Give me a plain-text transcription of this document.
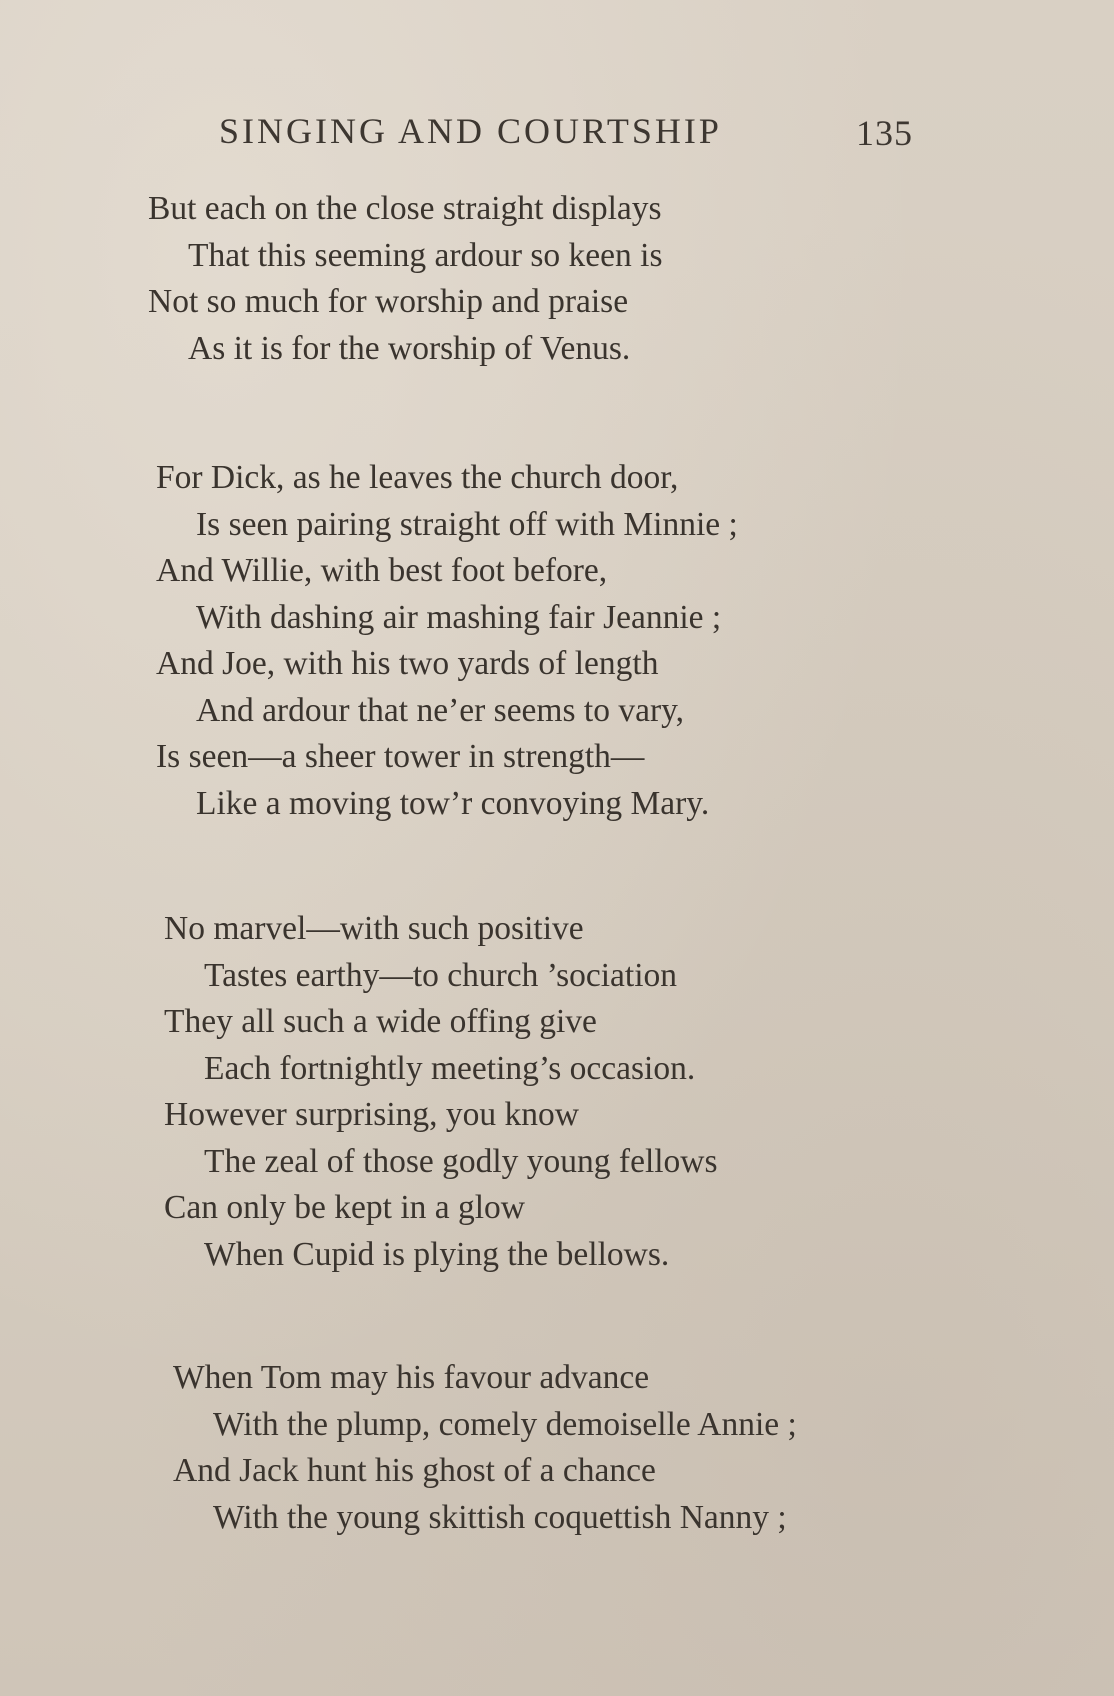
SINGING AND COURTSHIP	135
But each on the close straight displays
That this seeming ardour so keen is
Not so much for worship and praise
As it is for the worship of Venus.
For Dick, as he leaves the church door,
Is seen pairing straight off with Minnie ;
And Willie, with best foot before,
With dashing air mashing fair Jeannie ;
And Joe, with his two yards of length
And ardour that ne’er seems to vary,
Is seen—a sheer tower in strength—
Like a moving tow’r convoying Mary.
No marvel—with such positive
Tastes earthy—to church ’sociation
They all such a wide offing give
Each fortnightly meeting’s occasion.
However surprising, you know
The zeal of those godly young fellows
Can only be kept in a glow
When Cupid is plying the bellows.
When Tom may his favour advance
With the plump, comely demoiselle Annie ;
And Jack hunt his ghost of a chance
With the young skittish coquettish Nanny ;
